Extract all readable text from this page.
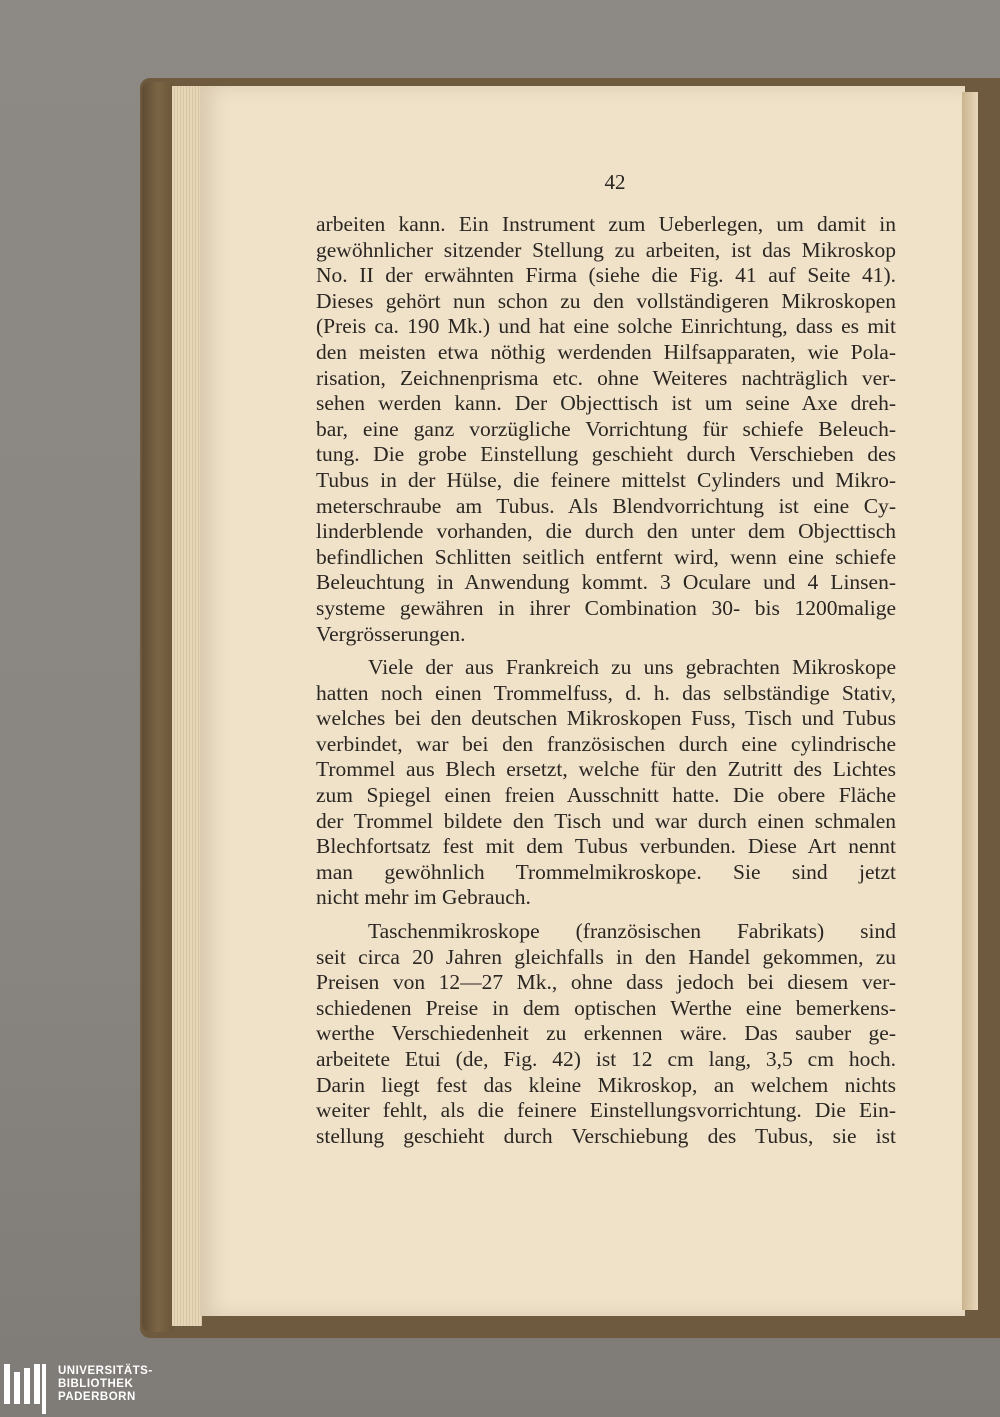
42
arbeiten kann. Ein Instrument zum Ueberlegen, um damit in
gewöhnlicher sitzender Stellung zu arbeiten, ist das Mikroskop
No. II der erwähnten Firma (siehe die Fig. 41 auf Seite 41).
Dieses gehört nun schon zu den vollständigeren Mikroskopen
(Preis ca. 190 Mk.) und hat eine solche Einrichtung, dass es mit
den meisten etwa nöthig werdenden Hilfsapparaten, wie Pola-
risation, Zeichnenprisma etc. ohne Weiteres nachträglich ver-
sehen werden kann. Der Objecttisch ist um seine Axe dreh-
bar, eine ganz vorzügliche Vorrichtung für schiefe Beleuch-
tung. Die grobe Einstellung geschieht durch Verschieben des
Tubus in der Hülse, die feinere mittelst Cylinders und Mikro-
meterschraube am Tubus. Als Blendvorrichtung ist eine Cy-
linderblende vorhanden, die durch den unter dem Objecttisch
befindlichen Schlitten seitlich entfernt wird, wenn eine schiefe
Beleuchtung in Anwendung kommt. 3 Oculare und 4 Linsen-
systeme gewähren in ihrer Combination 30- bis 1200malige
Vergrösserungen.
Viele der aus Frankreich zu uns gebrachten Mikroskope
hatten noch einen Trommelfuss, d. h. das selbständige Stativ,
welches bei den deutschen Mikroskopen Fuss, Tisch und Tubus
verbindet, war bei den französischen durch eine cylindrische
Trommel aus Blech ersetzt, welche für den Zutritt des Lichtes
zum Spiegel einen freien Ausschnitt hatte. Die obere Fläche
der Trommel bildete den Tisch und war durch einen schmalen
Blechfortsatz fest mit dem Tubus verbunden. Diese Art nennt
man gewöhnlich Trommelmikroskope. Sie sind jetzt
nicht mehr im Gebrauch.
Taschenmikroskope (französischen Fabrikats) sind
seit circa 20 Jahren gleichfalls in den Handel gekommen, zu
Preisen von 12—27 Mk., ohne dass jedoch bei diesem ver-
schiedenen Preise in dem optischen Werthe eine bemerkens-
werthe Verschiedenheit zu erkennen wäre. Das sauber ge-
arbeitete Etui (de, Fig. 42) ist 12 cm lang, 3,5 cm hoch.
Darin liegt fest das kleine Mikroskop, an welchem nichts
weiter fehlt, als die feinere Einstellungsvorrichtung. Die Ein-
stellung geschieht durch Verschiebung des Tubus, sie ist
UNIVERSITÄTS-
BIBLIOTHEK
PADERBORN
